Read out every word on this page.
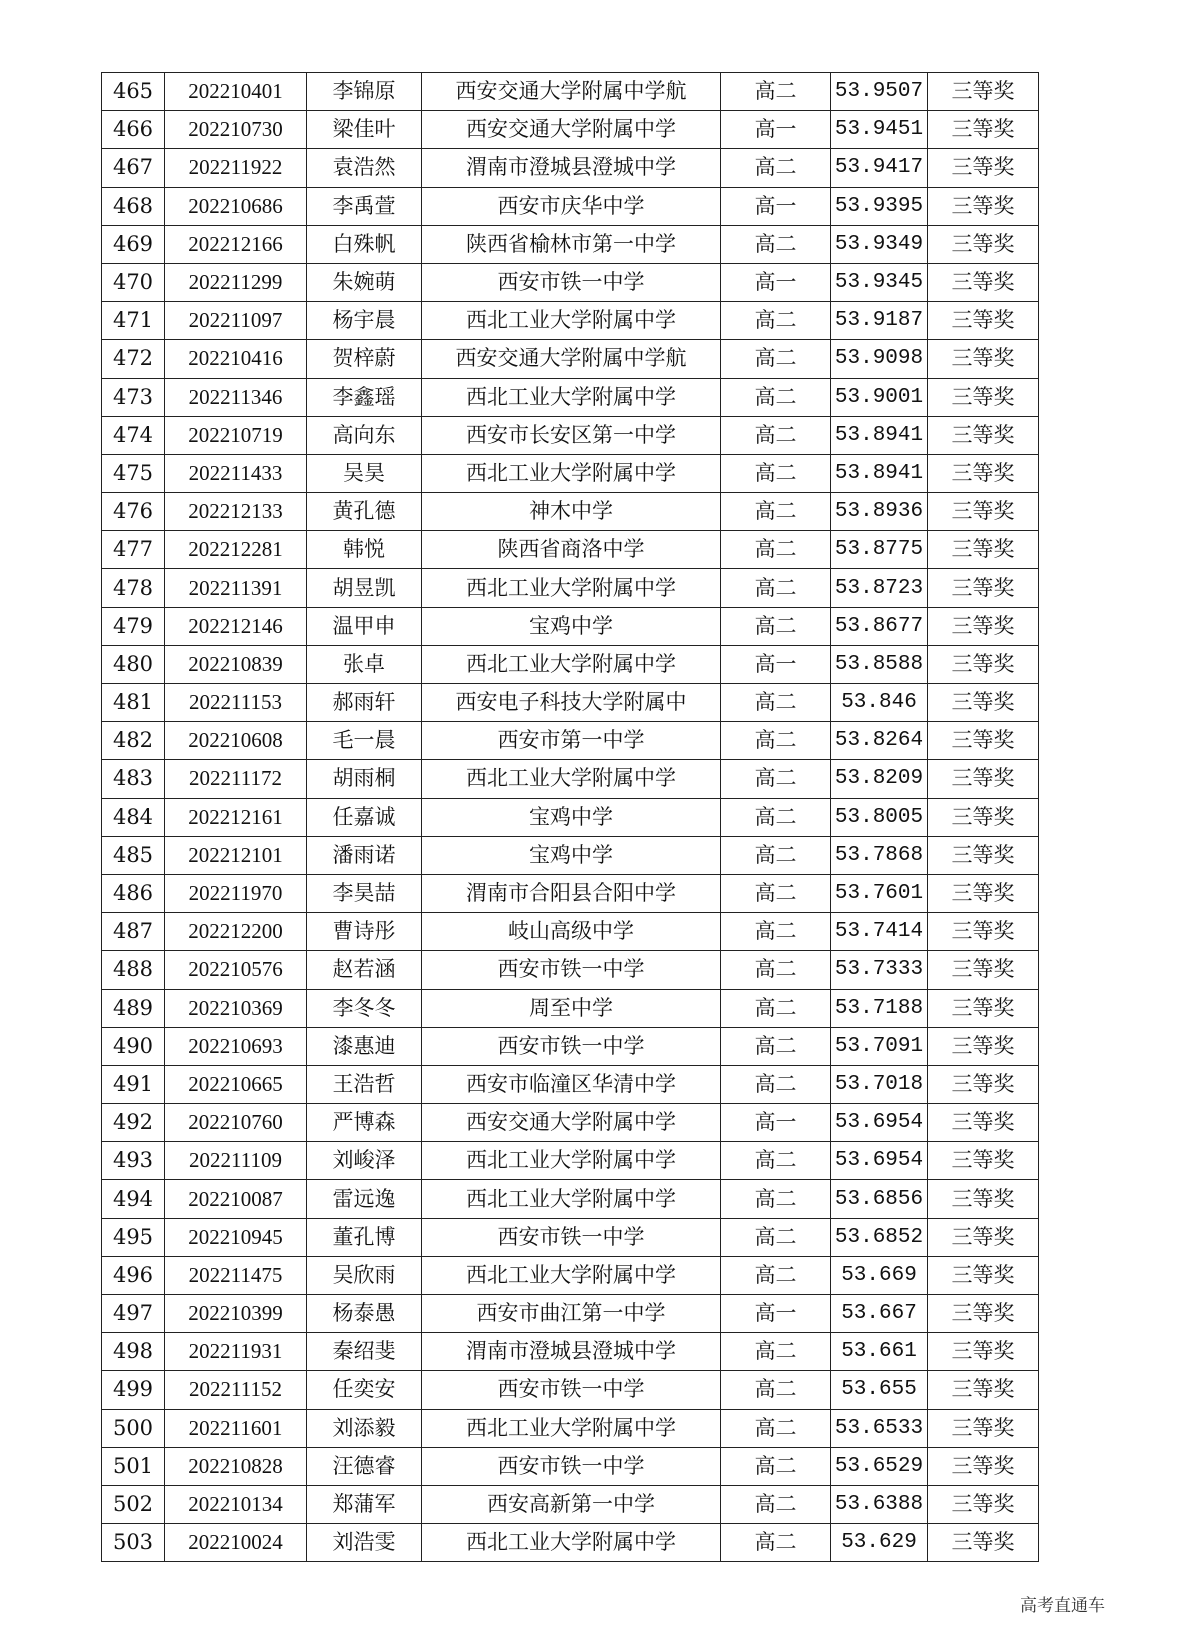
465	202210401	李锦原	西安交通大学附属中学航	高二	53.9507	三等奖
466	202210730	梁佳叶	西安交通大学附属中学	高一	53.9451	三等奖
467	202211922	袁浩然	渭南市澄城县澄城中学	高二	53.9417	三等奖
468	202210686	李禹萱	西安市庆华中学	高一	53.9395	三等奖
469	202212166	白殊帆	陕西省榆林市第一中学	高二	53.9349	三等奖
470	202211299	朱婉萌	西安市铁一中学	高一	53.9345	三等奖
471	202211097	杨宇晨	西北工业大学附属中学	高二	53.9187	三等奖
472	202210416	贺梓蔚	西安交通大学附属中学航	高二	53.9098	三等奖
473	202211346	李鑫瑶	西北工业大学附属中学	高二	53.9001	三等奖
474	202210719	高向东	西安市长安区第一中学	高二	53.8941	三等奖
475	202211433	吴昊	西北工业大学附属中学	高二	53.8941	三等奖
476	202212133	黄孔德	神木中学	高二	53.8936	三等奖
477	202212281	韩悦	陕西省商洛中学	高二	53.8775	三等奖
478	202211391	胡昱凯	西北工业大学附属中学	高二	53.8723	三等奖
479	202212146	温甲申	宝鸡中学	高二	53.8677	三等奖
480	202210839	张卓	西北工业大学附属中学	高一	53.8588	三等奖
481	202211153	郝雨轩	西安电子科技大学附属中	高二	53.846	三等奖
482	202210608	毛一晨	西安市第一中学	高二	53.8264	三等奖
483	202211172	胡雨桐	西北工业大学附属中学	高二	53.8209	三等奖
484	202212161	任嘉诚	宝鸡中学	高二	53.8005	三等奖
485	202212101	潘雨诺	宝鸡中学	高二	53.7868	三等奖
486	202211970	李昊喆	渭南市合阳县合阳中学	高二	53.7601	三等奖
487	202212200	曹诗彤	岐山高级中学	高二	53.7414	三等奖
488	202210576	赵若涵	西安市铁一中学	高二	53.7333	三等奖
489	202210369	李冬冬	周至中学	高二	53.7188	三等奖
490	202210693	漆惠迪	西安市铁一中学	高二	53.7091	三等奖
491	202210665	王浩哲	西安市临潼区华清中学	高二	53.7018	三等奖
492	202210760	严博森	西安交通大学附属中学	高一	53.6954	三等奖
493	202211109	刘峻泽	西北工业大学附属中学	高二	53.6954	三等奖
494	202210087	雷远逸	西北工业大学附属中学	高二	53.6856	三等奖
495	202210945	董孔博	西安市铁一中学	高二	53.6852	三等奖
496	202211475	吴欣雨	西北工业大学附属中学	高二	53.669	三等奖
497	202210399	杨泰愚	西安市曲江第一中学	高一	53.667	三等奖
498	202211931	秦绍斐	渭南市澄城县澄城中学	高二	53.661	三等奖
499	202211152	任奕安	西安市铁一中学	高二	53.655	三等奖
500	202211601	刘添毅	西北工业大学附属中学	高二	53.6533	三等奖
501	202210828	汪德睿	西安市铁一中学	高二	53.6529	三等奖
502	202210134	郑蒲军	西安高新第一中学	高二	53.6388	三等奖
503	202210024	刘浩雯	西北工业大学附属中学	高二	53.629	三等奖
高考直通车
